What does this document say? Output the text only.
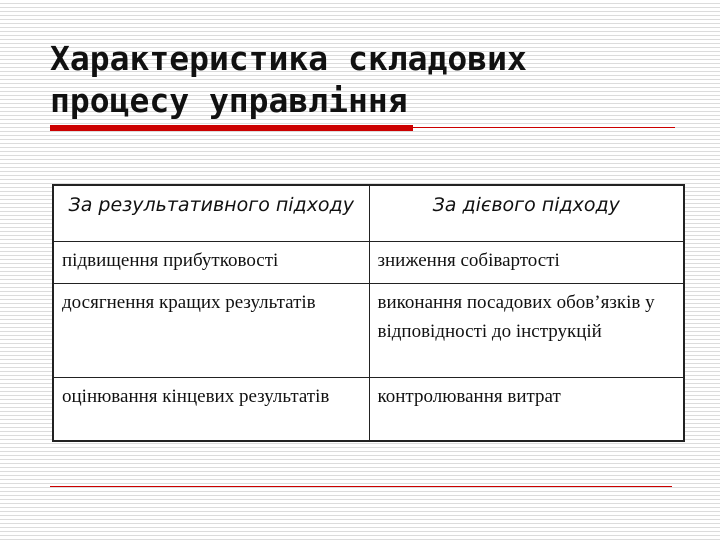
Характеристика складових
процесу управління
За результативного підходу	За дієвого підходу
підвищення прибутковості	зниження собівартості
досягнення кращих результатів	виконання посадових обов’язків у відповідності до інструкцій
оцінювання кінцевих результатів	контролювання витрат
